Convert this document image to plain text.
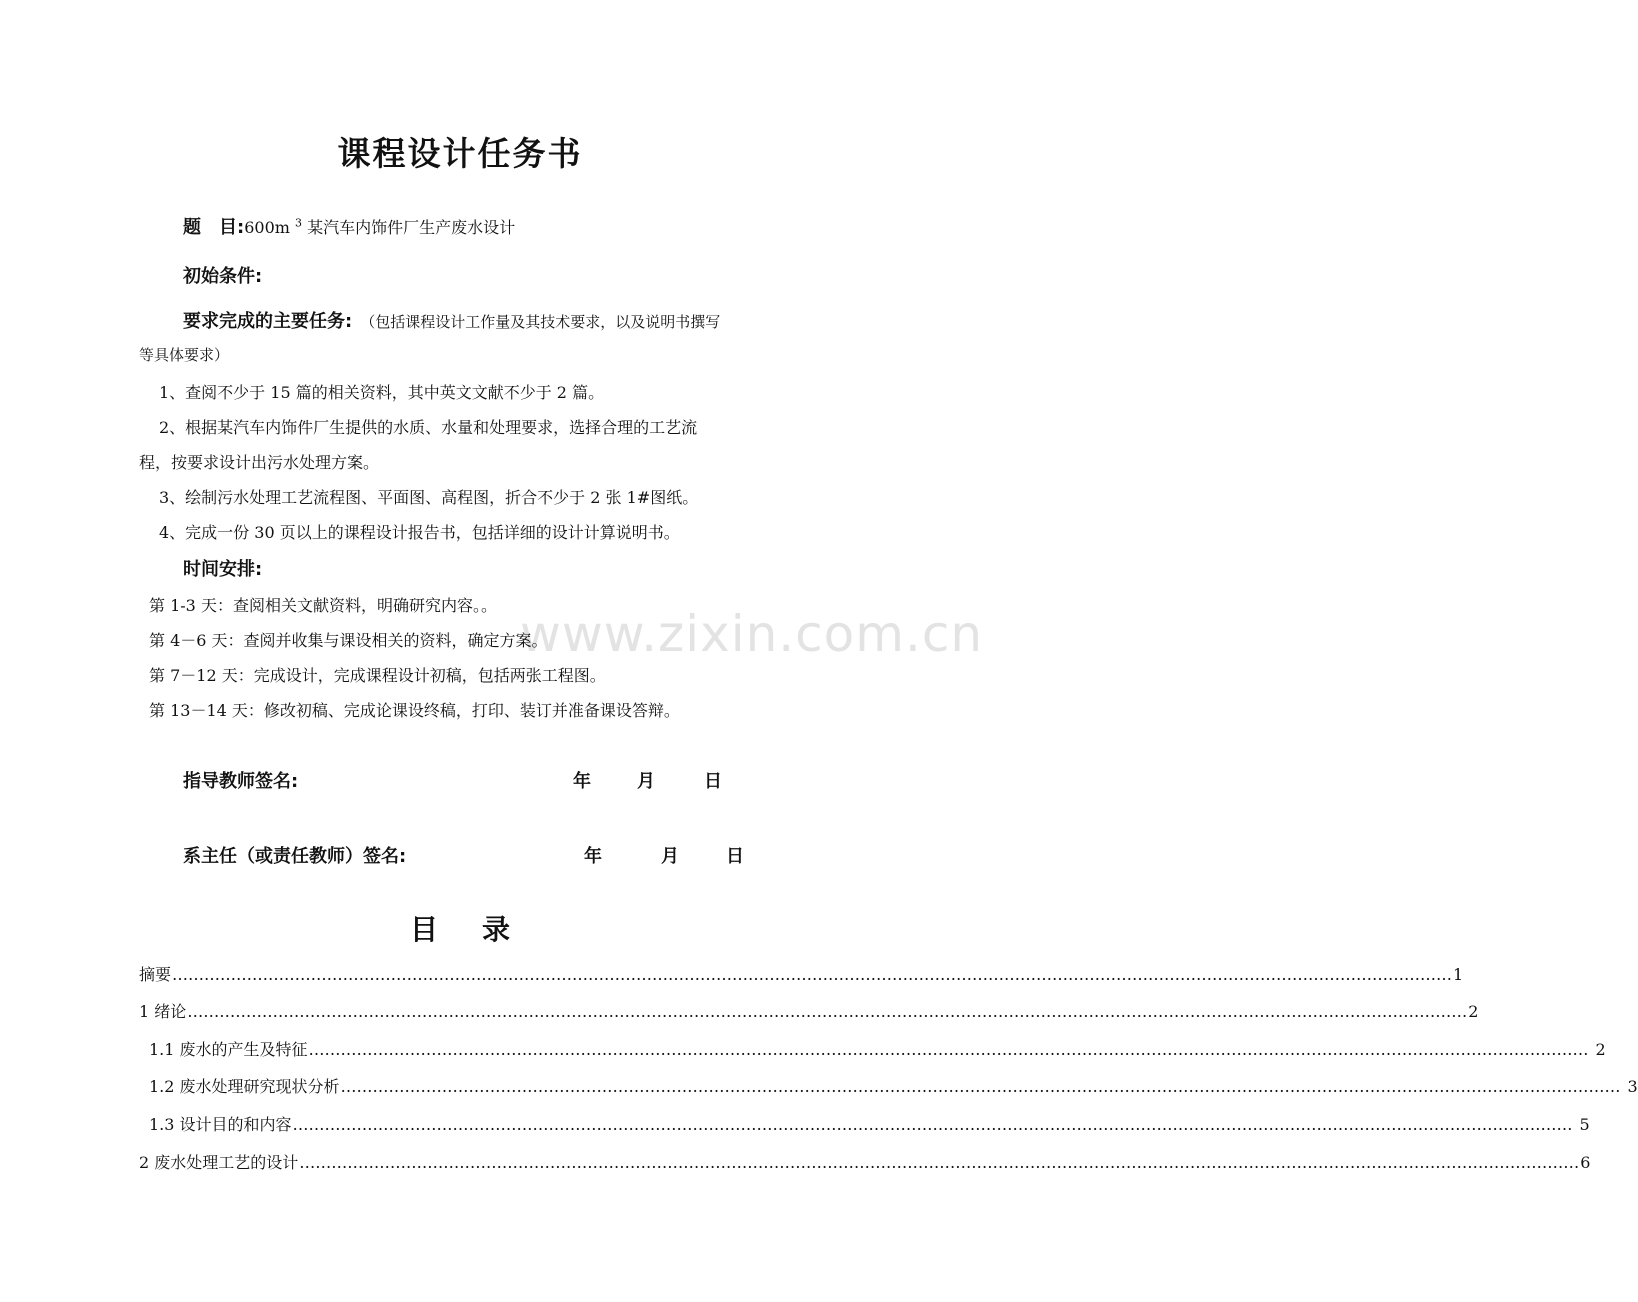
www.zixin.com.cn
课程设计任务书
题　目:600m $^3$ 某汽车内饰件厂生产废水设计
初始条件:
要求完成的主要任务: （包括课程设计工作量及其技术要求，以及说明书撰写
等具体要求）
1、查阅不少于 15 篇的相关资料，其中英文文献不少于 2 篇。
2、根据某汽车内饰件厂生提供的水质、水量和处理要求，选择合理的工艺流
程，按要求设计出污水处理方案。
3、绘制污水处理工艺流程图、平面图、高程图，折合不少于 2 张 1#图纸。
4、完成一份 30 页以上的课程设计报告书，包括详细的设计计算说明书。
时间安排:
第 1-3 天：查阅相关文献资料，明确研究内容。。
第 4－6 天：查阅并收集与课设相关的资料，确定方案。
第 7－12 天：完成设计，完成课程设计初稿，包括两张工程图。
第 13－14 天：修改初稿、完成论课设终稿，打印、装订并准备课设答辩。
指导教师签名:	年	月	日
系主任（或责任教师）签名:	年	月	日
目 录
摘要 ……………………………………………………………………………………………………………………………………………………………………………………………………………………	1
1 绪论 ……………………………………………………………………………………………………………………………………………………………………………………………………………………	2
1.1 废水的产生及特征 ……………………………………………………………………………………………………………………………………………………………………………………………………………………	2
1.2 废水处理研究现状分析 ……………………………………………………………………………………………………………………………………………………………………………………………………………………	3
1.3 设计目的和内容 ……………………………………………………………………………………………………………………………………………………………………………………………………………………	5
2 废水处理工艺的设计 ……………………………………………………………………………………………………………………………………………………………………………………………………………………	6
